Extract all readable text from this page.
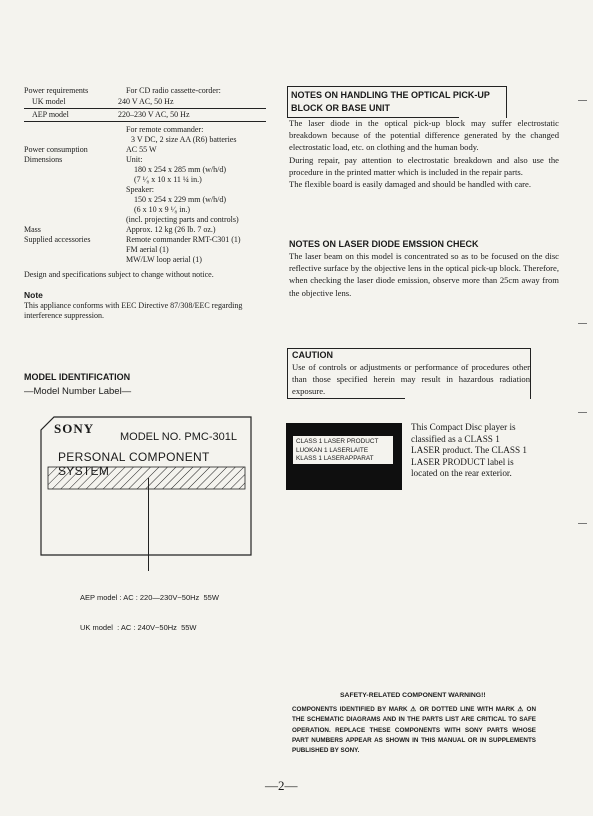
Power requirements	For CD radio cassette-corder:
UK model	240 V AC, 50 Hz
AEP model	220–230 V AC, 50 Hz
For remote commander:
3 V DC, 2 size AA (R6) batteries
Power consumption	AC 55 W
Dimensions	Unit:
180 x 254 x 285 mm (w/h/d)
(7 ¹⁄₈ x 10 x 11 ¼ in.)
Speaker:
150 x 254 x 229 mm (w/h/d)
(6 x 10 x 9 ¹⁄₈ in.)
(incl. projecting parts and controls)
Mass	Approx. 12 kg (26 lb. 7 oz.)
Supplied accessories	Remote commander RMT-C301 (1)
FM aerial (1)
MW/LW loop aerial (1)
Design and specifications subject to change without notice.
Note
This appliance conforms with EEC Directive 87/308/EEC regarding interference suppression.
NOTES ON HANDLING THE OPTICAL PICK-UP
BLOCK OR BASE UNIT

The laser diode in the optical pick-up block may suffer electrostatic breakdown because of the potential difference generated by the changed electrostatic load, etc. on clothing and the human body.

During repair, pay attention to electrostatic breakdown and also use the procedure in the printed matter which is included in the repair parts.

The flexible board is easily damaged and should be handled with care.

NOTES ON LASER DIODE EMSSION CHECK
The laser beam on this model is concentrated so as to be focused on the disc reflective surface by the objective lens in the optical pick-up block. Therefore, when checking the laser diode emission, observe more than 25cm away from the objective lens.
CAUTION
Use of controls or adjustments or performance of procedures other than those specified herein may result in hazardous radiation exposure.
MODEL IDENTIFICATION
—Model Number Label—
SONY
MODEL NO. PMC-301L
PERSONAL COMPONENT SYSTEM

AEP model : AC : 220—230V~50Hz  55W

UK model  : AC : 240V~50Hz  55W

CLASS 1 LASER PRODUCT
LUOKAN 1 LASERLAITE
KLASS 1 LASERAPPARAT
This Compact Disc player is classified as a CLASS 1 LASER product. The CLASS 1 LASER PRODUCT label is located on the rear exterior.
SAFETY-RELATED COMPONENT WARNING!!
COMPONENTS IDENTIFIED BY MARK ⚠ OR DOTTED LINE WITH MARK ⚠ ON THE SCHEMATIC DIAGRAMS AND IN THE PARTS LIST ARE CRITICAL TO SAFE OPERATION. REPLACE THESE COMPONENTS WITH SONY PARTS WHOSE PART NUMBERS APPEAR AS SHOWN IN THIS MANUAL OR IN SUPPLEMENTS PUBLISHED BY SONY.
—2—
